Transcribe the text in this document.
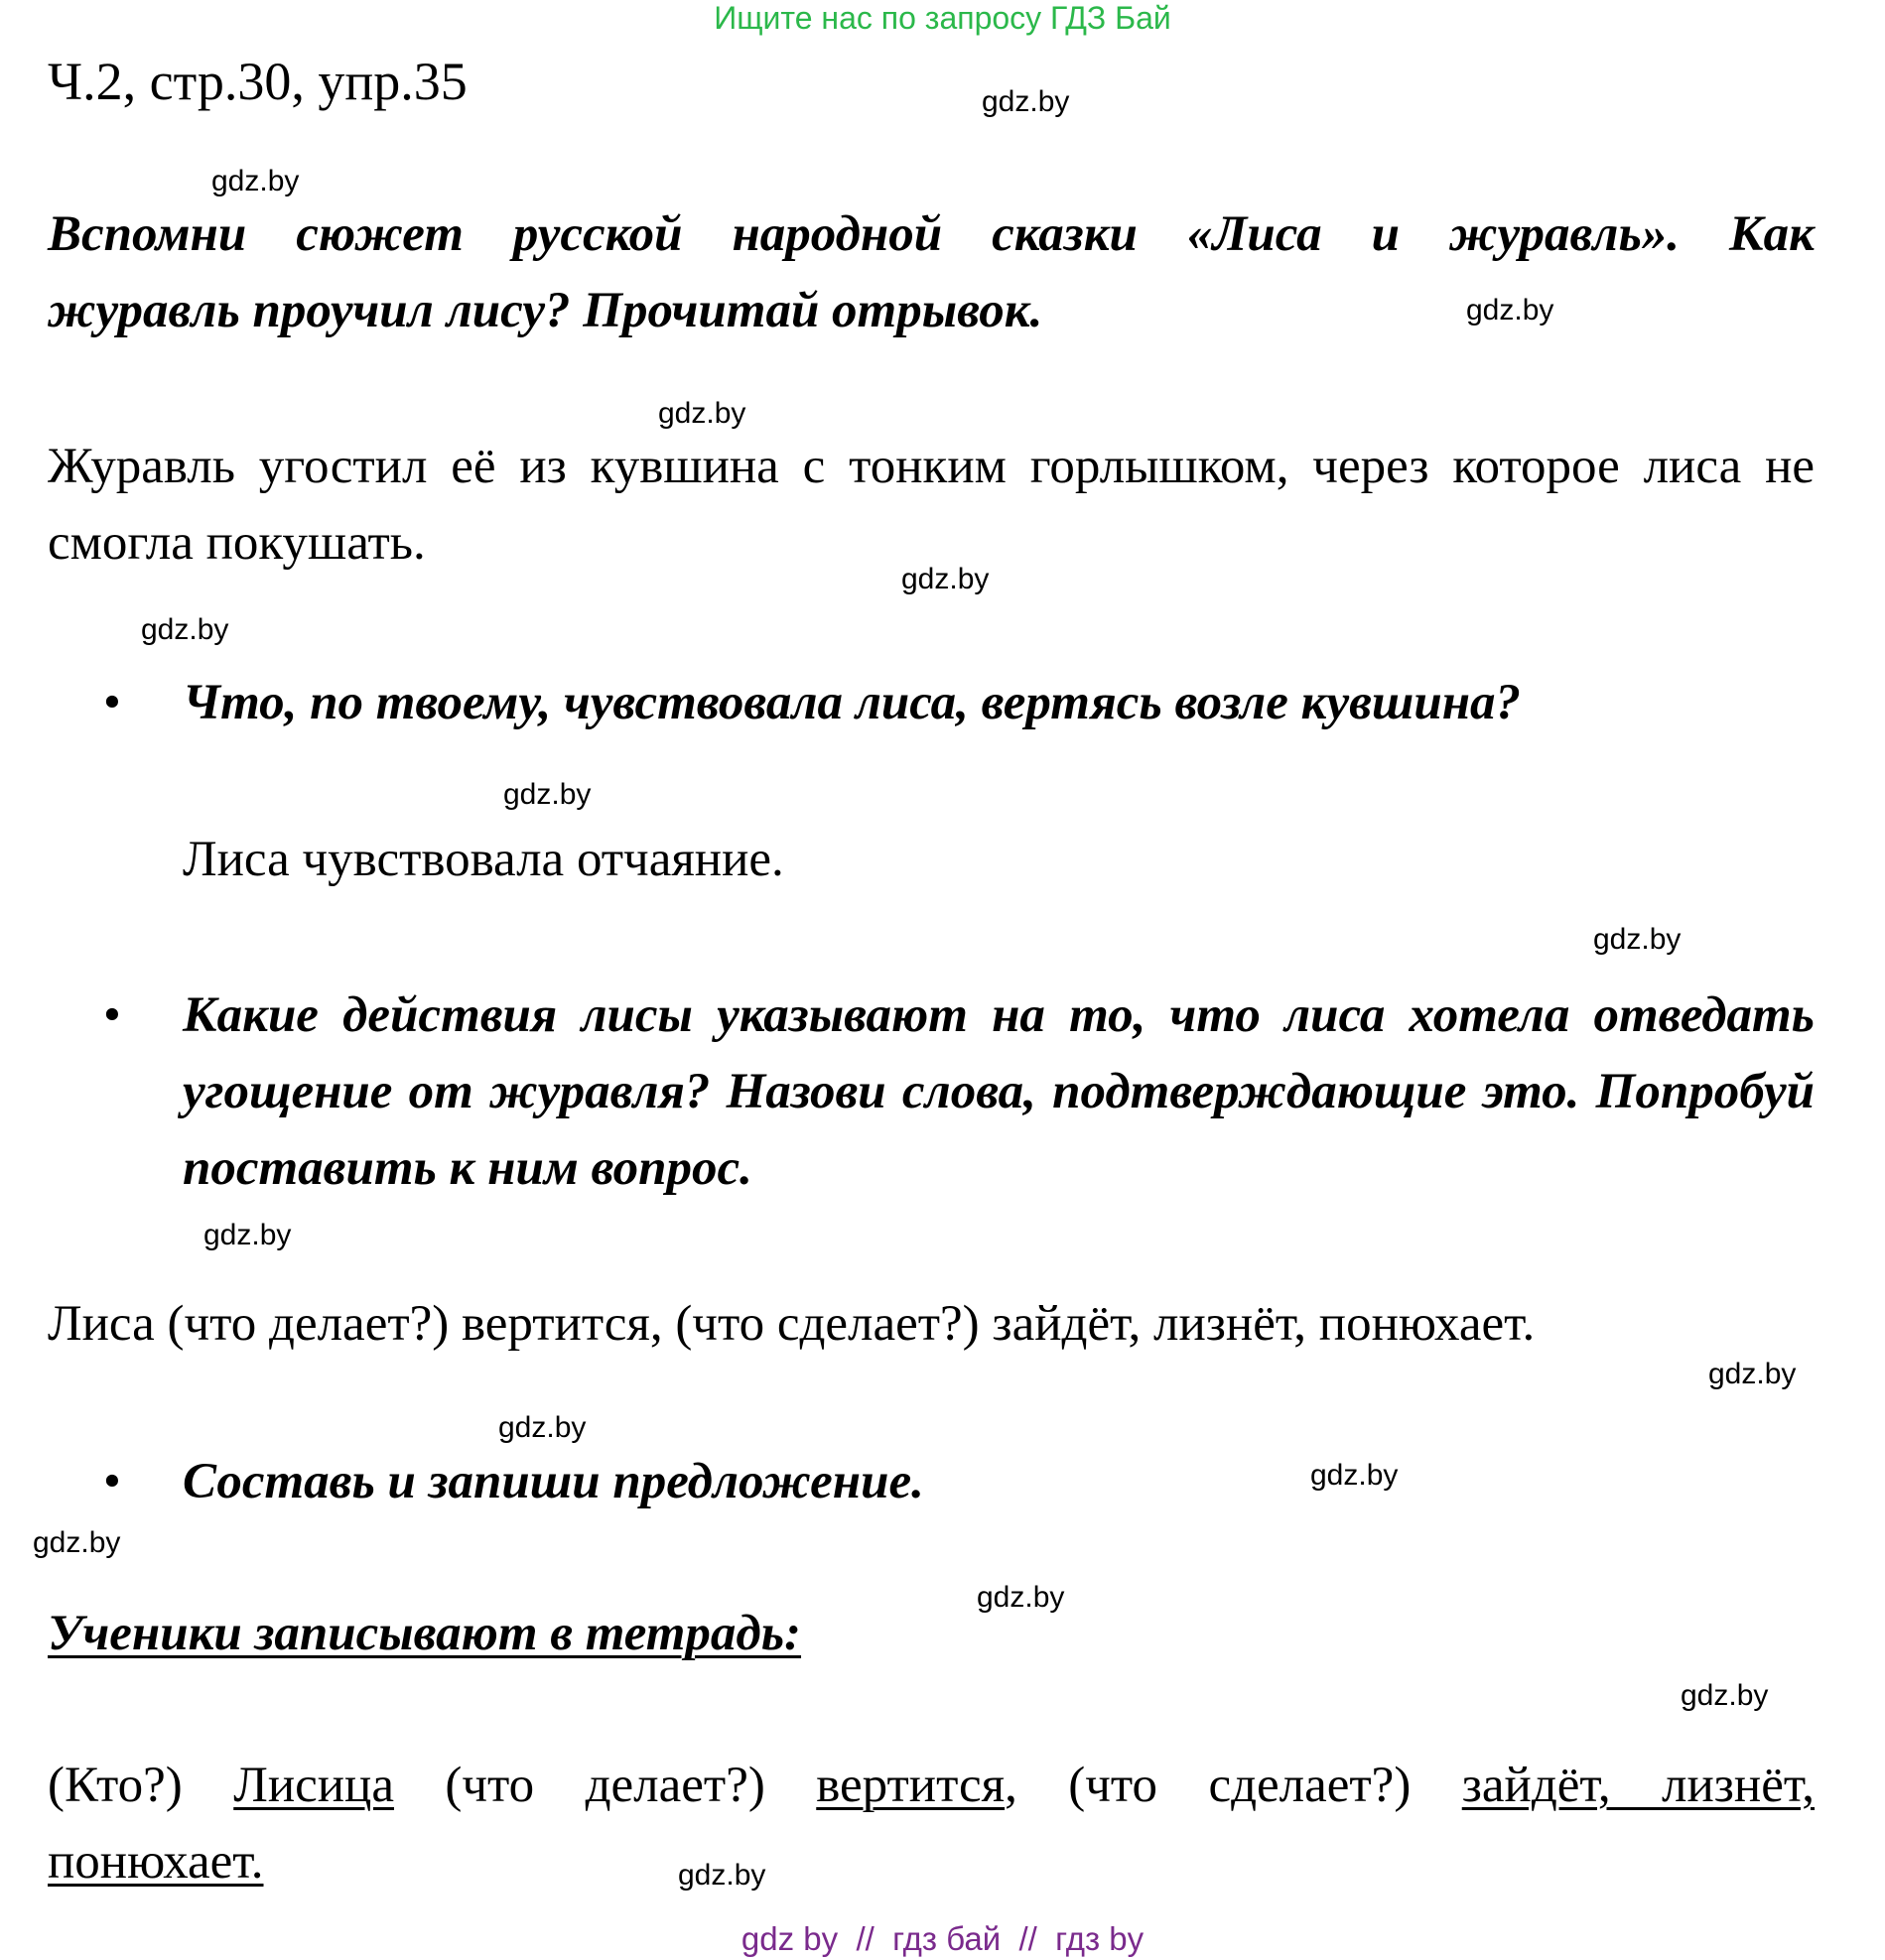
Ищите нас по запросу ГДЗ Бай
Ч.2, стр.30, упр.35
Вспомни сюжет русской народной сказки «Лиса и журавль». Как
журавль проучил лису? Прочитай отрывок.
Журавль угостил её из кувшина с тонким горлышком, через которое лиса не смогла покушать.
•	Что, по твоему, чувствовала лиса, вертясь возле кувшина?
Лиса чувствовала отчаяние.
•	Какие действия лисы указывают на то, что лиса хотела отведать угощение от журавля? Назови слова, подтверждающие это. Попробуй поставить к ним вопрос.
Лиса (что делает?) вертится, (что сделает?) зайдёт, лизнёт, понюхает.
•	Составь и запиши предложение.
Ученики записывают в тетрадь:
(Кто?) Лисица (что делает?) вертится, (что сделает?) зайдёт, лизнёт,
понюхает.
gdz.by
gdz.by
gdz.by
gdz.by
gdz.by
gdz.by
gdz.by
gdz.by
gdz.by
gdz.by
gdz.by
gdz.by
gdz.by
gdz.by
gdz.by
gdz.by
gdz by  //  гдз бай  //  гдз by
